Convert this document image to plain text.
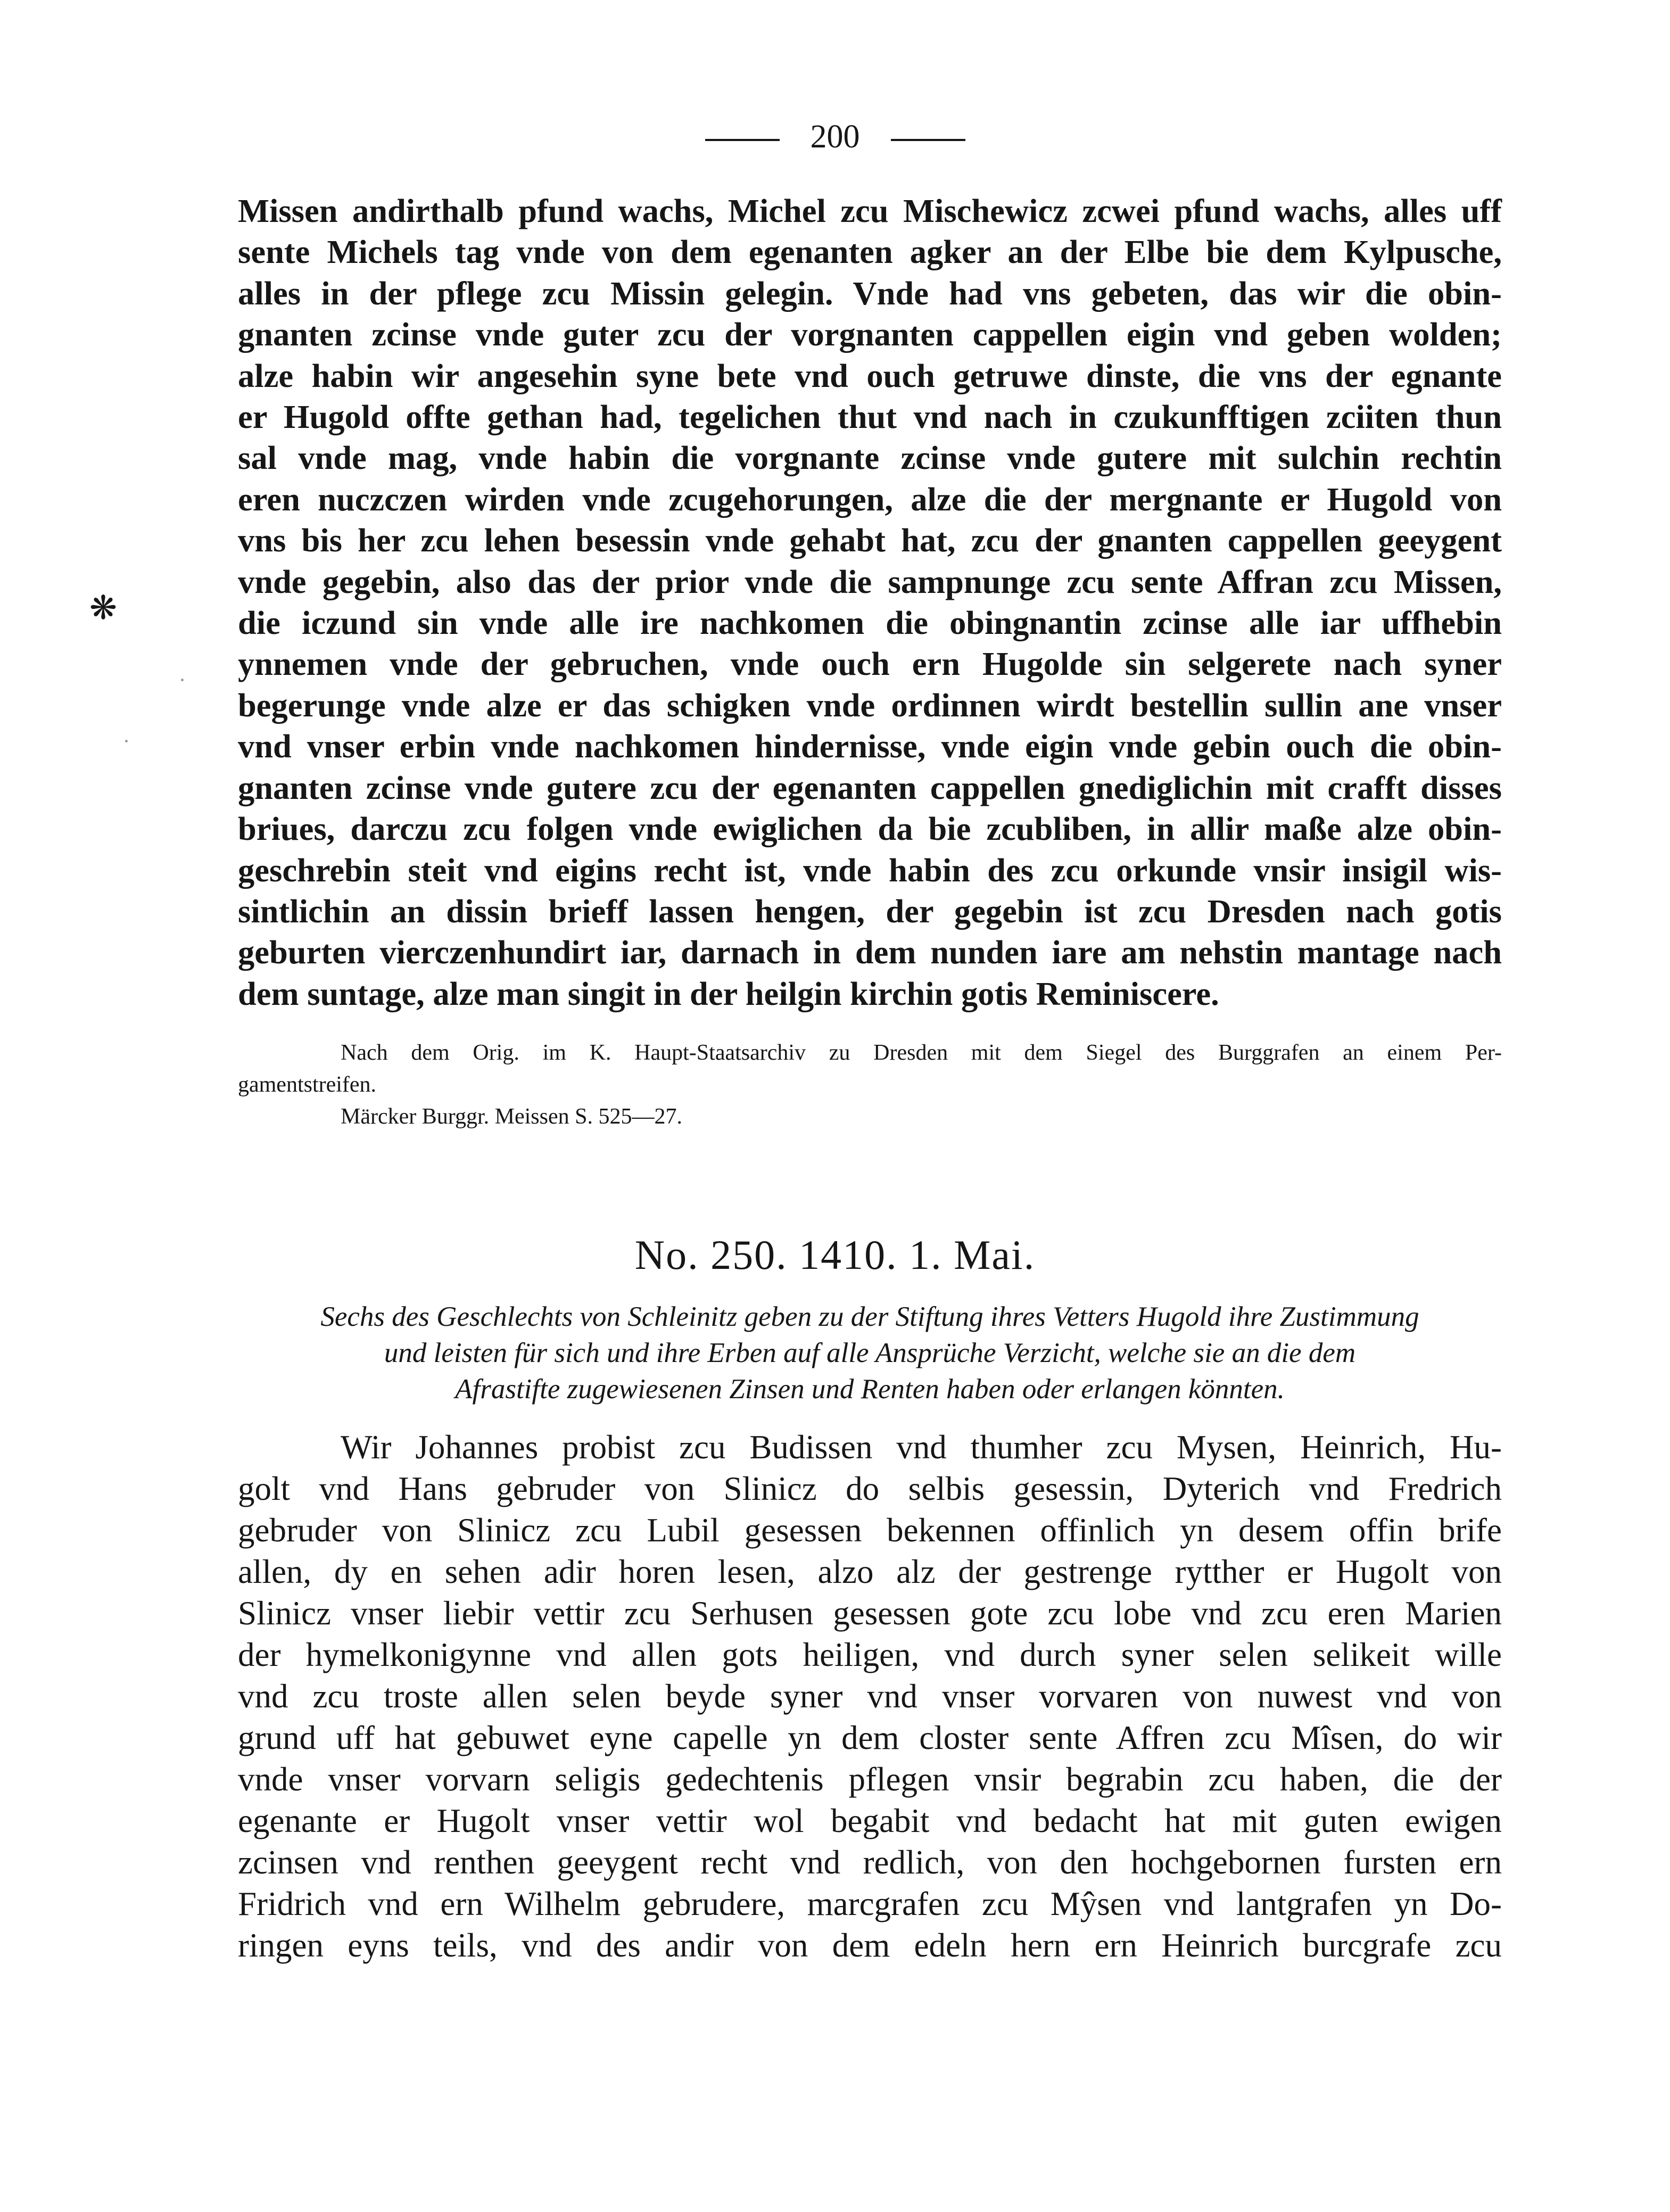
200
❋
Missen andirthalb pfund wachs, Michel zcu Mischewicz zcwei pfund wachs, alles uff
sente Michels tag vnde von dem egenanten agker an der Elbe bie dem Kylpusche,
alles in der pflege zcu Missin gelegin. Vnde had vns gebeten, das wir die obin-
gnanten zcinse vnde guter zcu der vorgnanten cappellen eigin vnd geben wolden;
alze habin wir angesehin syne bete vnd ouch getruwe dinste, die vns der egnante
er Hugold offte gethan had, tegelichen thut vnd nach in czukunfftigen zciiten thun
sal vnde mag, vnde habin die vorgnante zcinse vnde gutere mit sulchin rechtin
eren nuczczen wirden vnde zcugehorungen, alze die der mergnante er Hugold von
vns bis her zcu lehen besessin vnde gehabt hat, zcu der gnanten cappellen geeygent
vnde gegebin, also das der prior vnde die sampnunge zcu sente Affran zcu Missen,
die iczund sin vnde alle ire nachkomen die obingnantin zcinse alle iar uffhebin
ynnemen vnde der gebruchen, vnde ouch ern Hugolde sin selgerete nach syner
begerunge vnde alze er das schigken vnde ordinnen wirdt bestellin sullin ane vnser
vnd vnser erbin vnde nachkomen hindernisse, vnde eigin vnde gebin ouch die obin-
gnanten zcinse vnde gutere zcu der egenanten cappellen gnediglichin mit crafft disses
briues, darczu zcu folgen vnde ewiglichen da bie zcubliben, in allir maße alze obin-
geschrebin steit vnd eigins recht ist, vnde habin des zcu orkunde vnsir insigil wis-
sintlichin an dissin brieff lassen hengen, der gegebin ist zcu Dresden nach gotis
geburten vierczenhundirt iar, darnach in dem nunden iare am nehstin mantage nach
dem suntage, alze man singit in der heilgin kirchin gotis Reminiscere.
Nach dem Orig. im K. Haupt-Staatsarchiv zu Dresden mit dem Siegel des Burggrafen an einem Per-
gamentstreifen.
Märcker Burggr. Meissen S. 525—27.
No. 250. 1410. 1. Mai.
Sechs des Geschlechts von Schleinitz geben zu der Stiftung ihres Vetters Hugold ihre Zustimmung
und leisten für sich und ihre Erben auf alle Ansprüche Verzicht, welche sie an die dem
Afrastifte zugewiesenen Zinsen und Renten haben oder erlangen könnten.
Wir Johannes probist zcu Budissen vnd thumher zcu Mysen, Heinrich, Hu-
golt vnd Hans gebruder von Slinicz do selbis gesessin, Dyterich vnd Fredrich
gebruder von Slinicz zcu Lubil gesessen bekennen offinlich yn desem offin brife
allen, dy en sehen adir horen lesen, alzo alz der gestrenge rytther er Hugolt von
Slinicz vnser liebir vettir zcu Serhusen gesessen gote zcu lobe vnd zcu eren Marien
der hymelkonigynne vnd allen gots heiligen, vnd durch syner selen selikeit wille
vnd zcu troste allen selen beyde syner vnd vnser vorvaren von nuwest vnd von
grund uff hat gebuwet eyne capelle yn dem closter sente Affren zcu Mîsen, do wir
vnde vnser vorvarn seligis gedechtenis pflegen vnsir begrabin zcu haben, die der
egenante er Hugolt vnser vettir wol begabit vnd bedacht hat mit guten ewigen
zcinsen vnd renthen geeygent recht vnd redlich, von den hochgebornen fursten ern
Fridrich vnd ern Wilhelm gebrudere, marcgrafen zcu Mŷsen vnd lantgrafen yn Do-
ringen eyns teils, vnd des andir von dem edeln hern ern Heinrich burcgrafe zcu
